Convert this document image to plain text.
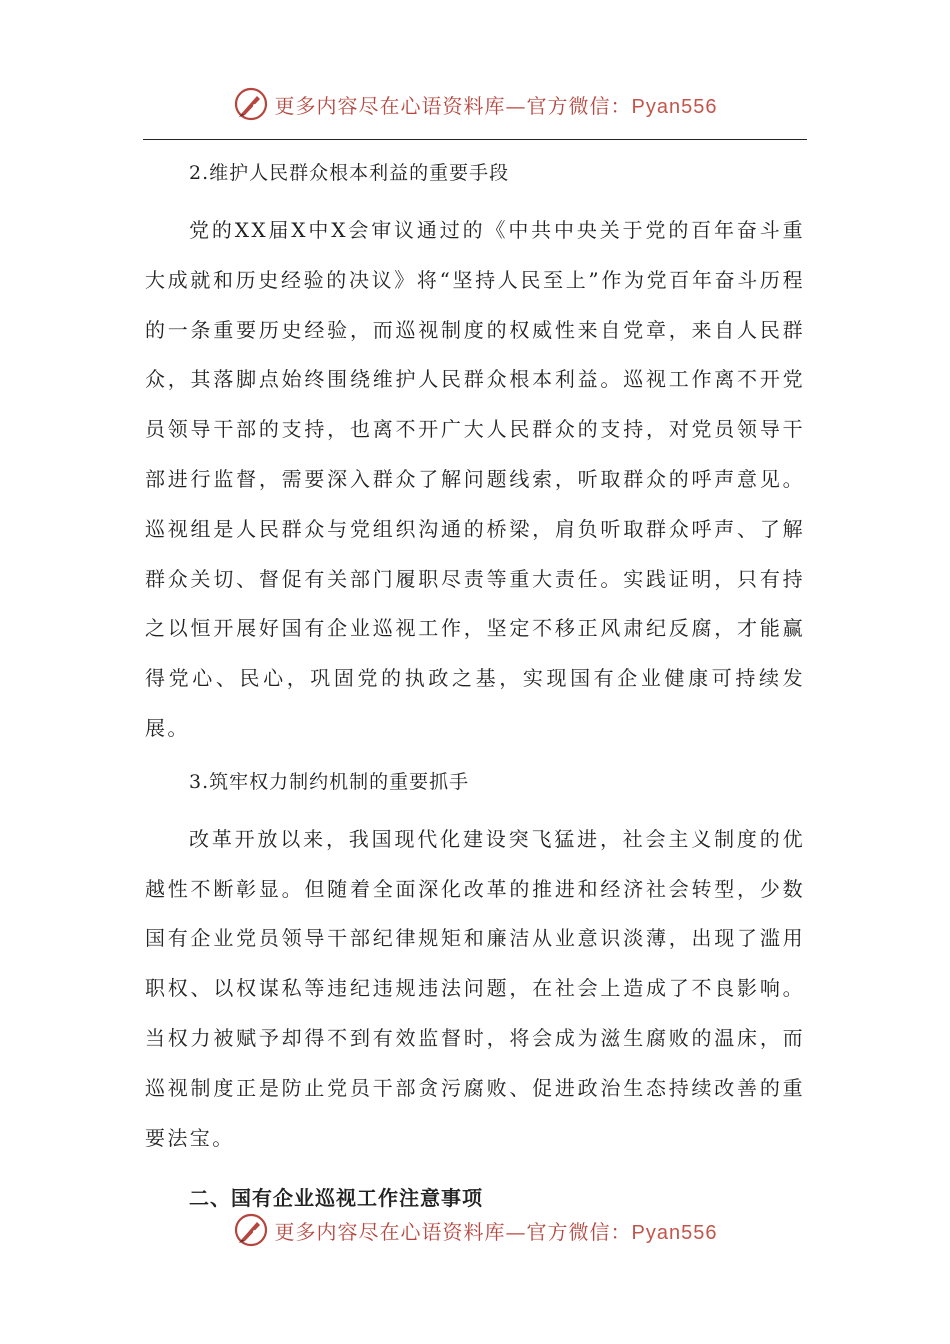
更多内容尽在心语资料库—官方微信：Pyan556

2.维护人民群众根本利益的重要手段

党的XX届X中X会审议通过的《中共中央关于党的百年奋斗重大成就和历史经验的决议》将“坚持人民至上”作为党百年奋斗历程的一条重要历史经验，而巡视制度的权威性来自党章，来自人民群众，其落脚点始终围绕维护人民群众根本利益。巡视工作离不开党员领导干部的支持，也离不开广大人民群众的支持，对党员领导干部进行监督，需要深入群众了解问题线索，听取群众的呼声意见。巡视组是人民群众与党组织沟通的桥梁，肩负听取群众呼声、了解群众关切、督促有关部门履职尽责等重大责任。实践证明，只有持之以恒开展好国有企业巡视工作，坚定不移正风肃纪反腐，才能赢得党心、民心，巩固党的执政之基，实现国有企业健康可持续发展。

3.筑牢权力制约机制的重要抓手

改革开放以来，我国现代化建设突飞猛进，社会主义制度的优越性不断彰显。但随着全面深化改革的推进和经济社会转型，少数国有企业党员领导干部纪律规矩和廉洁从业意识淡薄，出现了滥用职权、以权谋私等违纪违规违法问题，在社会上造成了不良影响。当权力被赋予却得不到有效监督时，将会成为滋生腐败的温床，而巡视制度正是防止党员干部贪污腐败、促进政治生态持续改善的重要法宝。

二、国有企业巡视工作注意事项

更多内容尽在心语资料库—官方微信：Pyan556
